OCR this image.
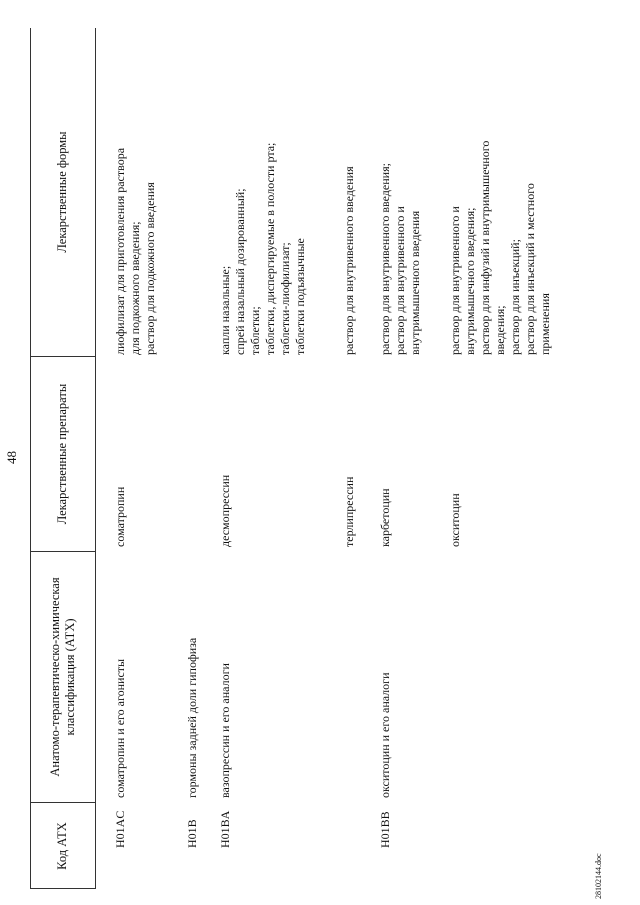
48
Код АТХ
Анатомо-терапевтическо-химическая
классификация (АТХ)
Лекарственные препараты
Лекарственные формы
H01AC
соматропин и его агонисты
соматропин
лиофилизат для приготовления раствора
для подкожного введения;
раствор для подкожного введения
H01B
гормоны задней доли гипофиза
H01BA
вазопрессин и его аналоги
десмопрессин
капли назальные;
спрей назальный дозированный;
таблетки;
таблетки, диспергируемые в полости рта;
таблетки-лиофилизат;
таблетки подъязычные
терлипрессин
раствор для внутривенного введения
H01BB
окситоцин и его аналоги
карбетоцин
раствор для внутривенного введения;
раствор для внутривенного и
внутримышечного введения
окситоцин
раствор для внутривенного и
внутримышечного введения;
раствор для инфузий и внутримышечного
введения;
раствор для инъекций;
раствор для инъекций и местного
применения
28102144.doc
